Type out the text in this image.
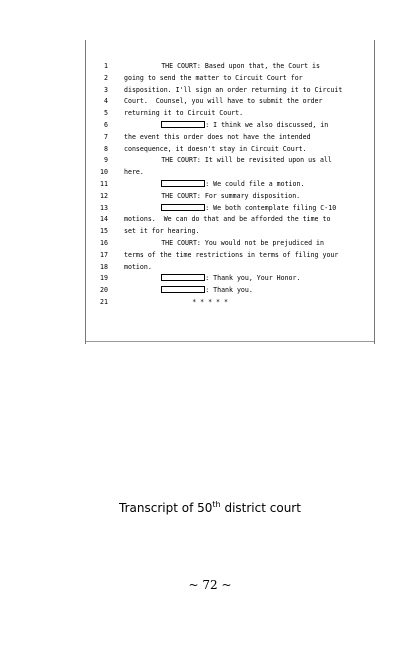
1	THE COURT: Based upon that, the Court is
2 going to send the matter to Circuit Court for
3 disposition. I'll sign an order returning it to Circuit
4 Court.  Counsel, you will have to submit the order
5 returning it to Circuit Court.
6	: I think we also discussed, in
7 the event this order does not have the intended
8 consequence, it doesn't stay in Circuit Court.
9	THE COURT: It will be revisited upon us all
10 here.
11	: We could file a motion.
12	THE COURT: For summary disposition.
13	: We both contemplate filing C-10
14 motions.  We can do that and be afforded the time to
15 set it for hearing.
16	THE COURT: You would not be prejudiced in
17 terms of the time restrictions in terms of filing your
18 motion.
19	: Thank you, Your Honor.
20	: Thank you.
21	* * * * *
Transcript of 50th district court
~ 72 ~
